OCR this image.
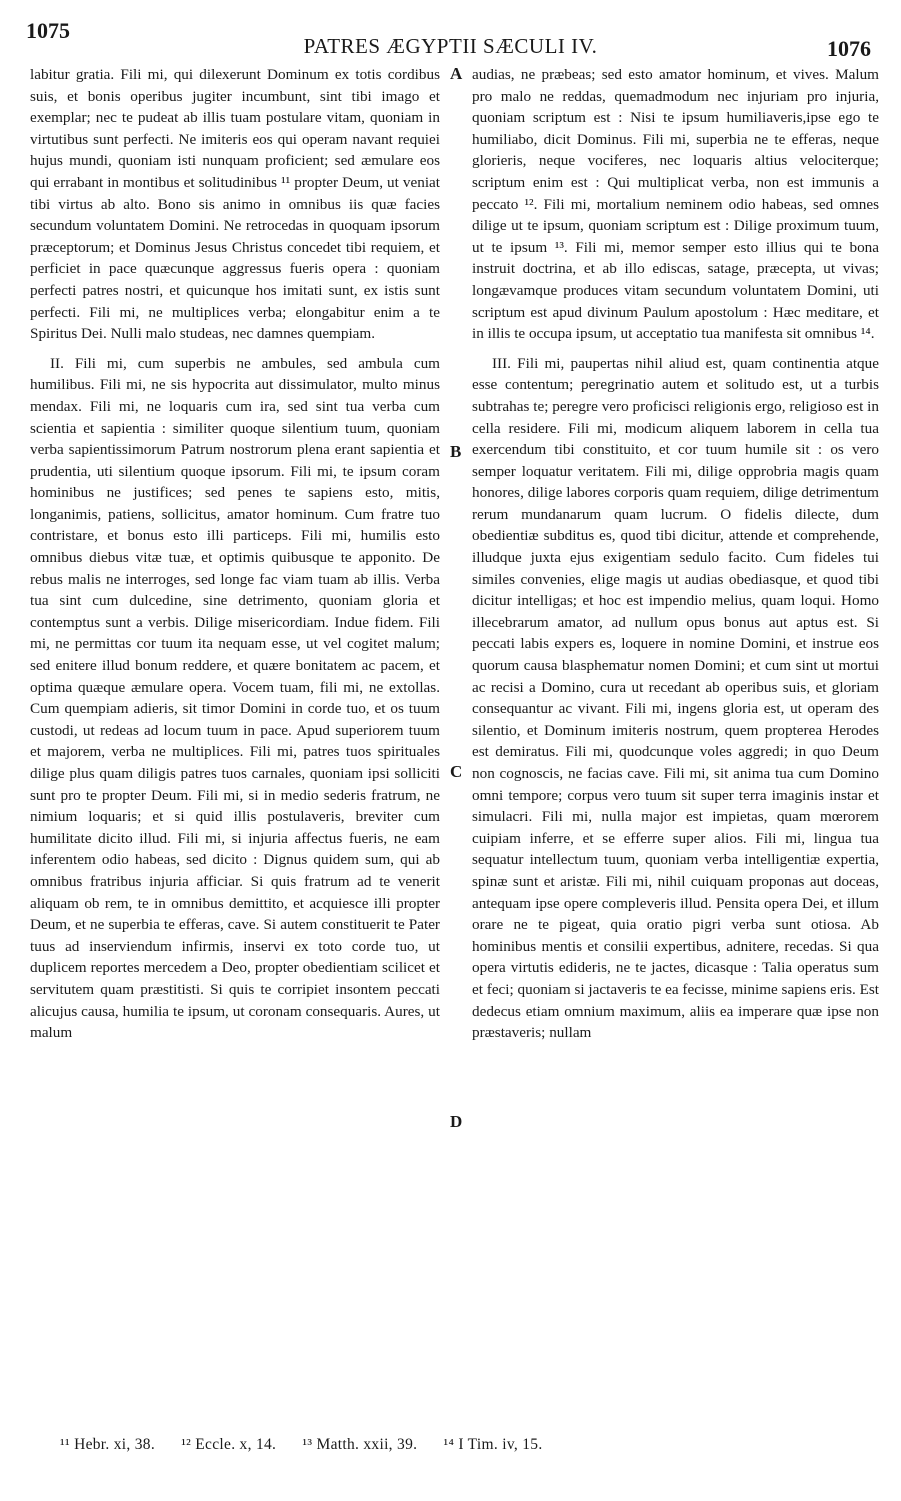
1075
PATRES ÆGYPTII SÆCULI IV.	1076

labitur gratia. Fili mi, qui dilexerunt Dominum ex totis cordibus suis, et bonis operibus jugiter incumbunt, sint tibi imago et exemplar; nec te pudeat ab illis tuam postulare vitam, quoniam in virtutibus sunt perfecti. Ne imiteris eos qui operam navant requiei hujus mundi, quoniam isti nunquam proficient; sed æmulare eos qui errabant in montibus et solitudinibus ¹¹ propter Deum, ut veniat tibi virtus ab alto. Bono sis animo in omnibus iis quæ facies secundum voluntatem Domini. Ne retrocedas in quoquam ipsorum præceptorum; et Dominus Jesus Christus concedet tibi requiem, et perficiet in pace quæcunque aggressus fueris opera : quoniam perfecti patres nostri, et quicunque hos imitati sunt, ex istis sunt perfecti. Fili mi, ne multiplices verba; elongabitur enim a te Spiritus Dei. Nulli malo studeas, nec damnes quempiam.

II. Fili mi, cum superbis ne ambules, sed ambula cum humilibus. Fili mi, ne sis hypocrita aut dissimulator, multo minus mendax. Fili mi, ne loquaris cum ira, sed sint tua verba cum scientia et sapientia : similiter quoque silentium tuum, quoniam verba sapientissimorum Patrum nostrorum plena erant sapientia et prudentia, uti silentium quoque ipsorum. Fili mi, te ipsum coram hominibus ne justifices; sed penes te sapiens esto, mitis, longanimis, patiens, sollicitus, amator hominum. Cum fratre tuo contristare, et bonus esto illi particeps. Fili mi, humilis esto omnibus diebus vitæ tuæ, et optimis quibusque te apponito. De rebus malis ne interroges, sed longe fac viam tuam ab illis. Verba tua sint cum dulcedine, sine detrimento, quoniam gloria et contemptus sunt a verbis. Dilige misericordiam. Indue fidem. Fili mi, ne permittas cor tuum ita nequam esse, ut vel cogitet malum; sed enitere illud bonum reddere, et quære bonitatem ac pacem, et optima quæque æmulare opera. Vocem tuam, fili mi, ne extollas. Cum quempiam adieris, sit timor Domini in corde tuo, et os tuum custodi, ut redeas ad locum tuum in pace. Apud superiorem tuum et majorem, verba ne multiplices. Fili mi, patres tuos spirituales dilige plus quam diligis patres tuos carnales, quoniam ipsi solliciti sunt pro te propter Deum. Fili mi, si in medio sederis fratrum, ne nimium loquaris; et si quid illis postulaveris, breviter cum humilitate dicito illud. Fili mi, si injuria affectus fueris, ne eam inferentem odio habeas, sed dicito : Dignus quidem sum, qui ab omnibus fratribus injuria afficiar. Si quis fratrum ad te venerit aliquam ob rem, te in omnibus demittito, et acquiesce illi propter Deum, et ne superbia te efferas, cave. Si autem constituerit te Pater tuus ad inserviendum infirmis, inservi ex toto corde tuo, ut duplicem reportes mercedem a Deo, propter obedientiam scilicet et servitutem quam præstitisti. Si quis te corripiet insontem peccati alicujus causa, humilia te ipsum, ut coronam consequaris. Aures, ut malum

A
B
C
D

audias, ne præbeas; sed esto amator hominum, et vives. Malum pro malo ne reddas, quemadmodum nec injuriam pro injuria, quoniam scriptum est : Nisi te ipsum humiliaveris,ipse ego te humiliabo, dicit Dominus. Fili mi, superbia ne te efferas, neque glorieris, neque vociferes, nec loquaris altius velociterque; scriptum enim est : Qui multiplicat verba, non est immunis a peccato ¹². Fili mi, mortalium neminem odio habeas, sed omnes dilige ut te ipsum, quoniam scriptum est : Dilige proximum tuum, ut te ipsum ¹³. Fili mi, memor semper esto illius qui te bona instruit doctrina, et ab illo ediscas, satage, præcepta, ut vivas; longævamque produces vitam secundum voluntatem Domini, uti scriptum est apud divinum Paulum apostolum : Hæc meditare, et in illis te occupa ipsum, ut acceptatio tua manifesta sit omnibus ¹⁴.

III. Fili mi, paupertas nihil aliud est, quam continentia atque esse contentum; peregrinatio autem et solitudo est, ut a turbis subtrahas te; peregre vero proficisci religionis ergo, religioso est in cella residere. Fili mi, modicum aliquem laborem in cella tua exercendum tibi constituito, et cor tuum humile sit : os vero semper loquatur veritatem. Fili mi, dilige opprobria magis quam honores, dilige labores corporis quam requiem, dilige detrimentum rerum mundanarum quam lucrum. O fidelis dilecte, dum obedientiæ subditus es, quod tibi dicitur, attende et comprehende, illudque juxta ejus exigentiam sedulo facito. Cum fideles tui similes convenies, elige magis ut audias obediasque, et quod tibi dicitur intelligas; et hoc est impendio melius, quam loqui. Homo illecebrarum amator, ad nullum opus bonus aut aptus est. Si peccati labis expers es, loquere in nomine Domini, et instrue eos quorum causa blasphematur nomen Domini; et cum sint ut mortui ac recisi a Domino, cura ut recedant ab operibus suis, et gloriam consequantur ac vivant. Fili mi, ingens gloria est, ut operam des silentio, et Dominum imiteris nostrum, quem propterea Herodes est demiratus. Fili mi, quodcunque voles aggredi; in quo Deum non cognoscis, ne facias cave. Fili mi, sit anima tua cum Domino omni tempore; corpus vero tuum sit super terra imaginis instar et simulacri. Fili mi, nulla major est impietas, quam mœrorem cuipiam inferre, et se efferre super alios. Fili mi, lingua tua sequatur intellectum tuum, quoniam verba intelligentiæ expertia, spinæ sunt et aristæ. Fili mi, nihil cuiquam proponas aut doceas, antequam ipse opere compleveris illud. Pensita opera Dei, et illum orare ne te pigeat, quia oratio pigri verba sunt otiosa. Ab hominibus mentis et consilii expertibus, adnitere, recedas. Si qua opera virtutis edideris, ne te jactes, dicasque : Talia operatus sum et feci; quoniam si jactaveris te ea fecisse, minime sapiens eris. Est dedecus etiam omnium maximum, aliis ea imperare quæ ipse non præstaveris; nullam

¹¹ Hebr. xi, 38. ¹² Eccle. x, 14. ¹³ Matth. xxii, 39. ¹⁴ I Tim. iv, 15.
